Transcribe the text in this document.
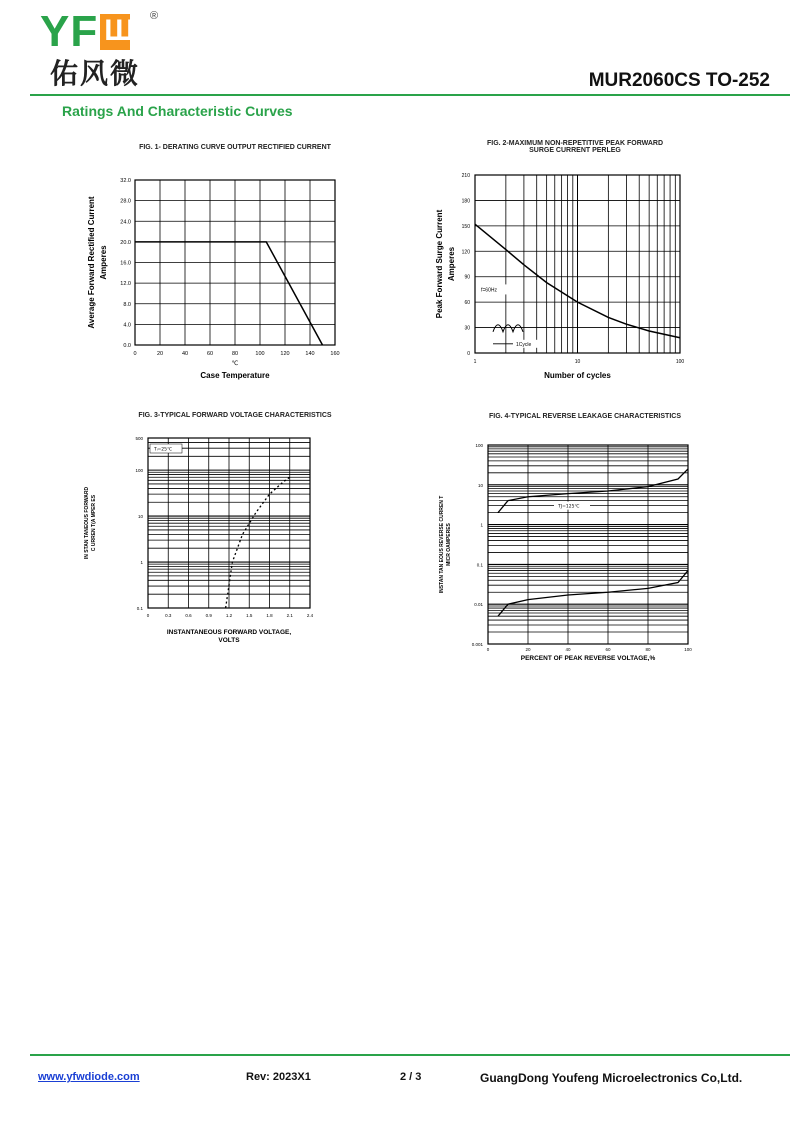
YF Ш ®
佑风微	MUR2060CS TO-252
Ratings And Characteristic Curves
FIG. 1- DERATING CURVE OUTPUT RECTIFIED CURRENT
0	20	40	60	80	100	120	140	160
0.0
4.0
8.0
12.0
16.0
20.0
24.0
28.0
32.0
℃
Case Temperature
Average Forward Rectified Current Amperes
FIG. 2-MAXIMUM NON-REPETITIVE PEAK FORWARD
SURGE CURRENT PERLEG
1	10	100
0
30
60
90
120
150
180
210
f=60Hz
1Cycle
Number of cycles
Peak Forward Surge Current Amperes
FIG. 3-TYPICAL FORWARD VOLTAGE CHARACTERISTICS
0	0.3	0.6	0.9	1.2	1.5	1.8	2.1	2.4
0.1
1
10
100
500
Tₗ=25℃
INSTANTANEOUS FORWARD VOLTAGE,
VOLTS
IN STAN TANEOUS FORWARD C URREN T(A MPER ES
FIG. 4-TYPICAL REVERSE LEAKAGE CHARACTERISTICS
0	20	40	60	80	100
0.001
0.01
0.1
1
10
100
TJ=125℃
PERCENT OF PEAK REVERSE VOLTAGE,%
INSTAN TAN EOUS REVERSE CURREN T MICR OAMPERES
www.yfwdiode.com	Rev: 2023X1	2 / 3	GuangDong Youfeng Microelectronics Co,Ltd.
